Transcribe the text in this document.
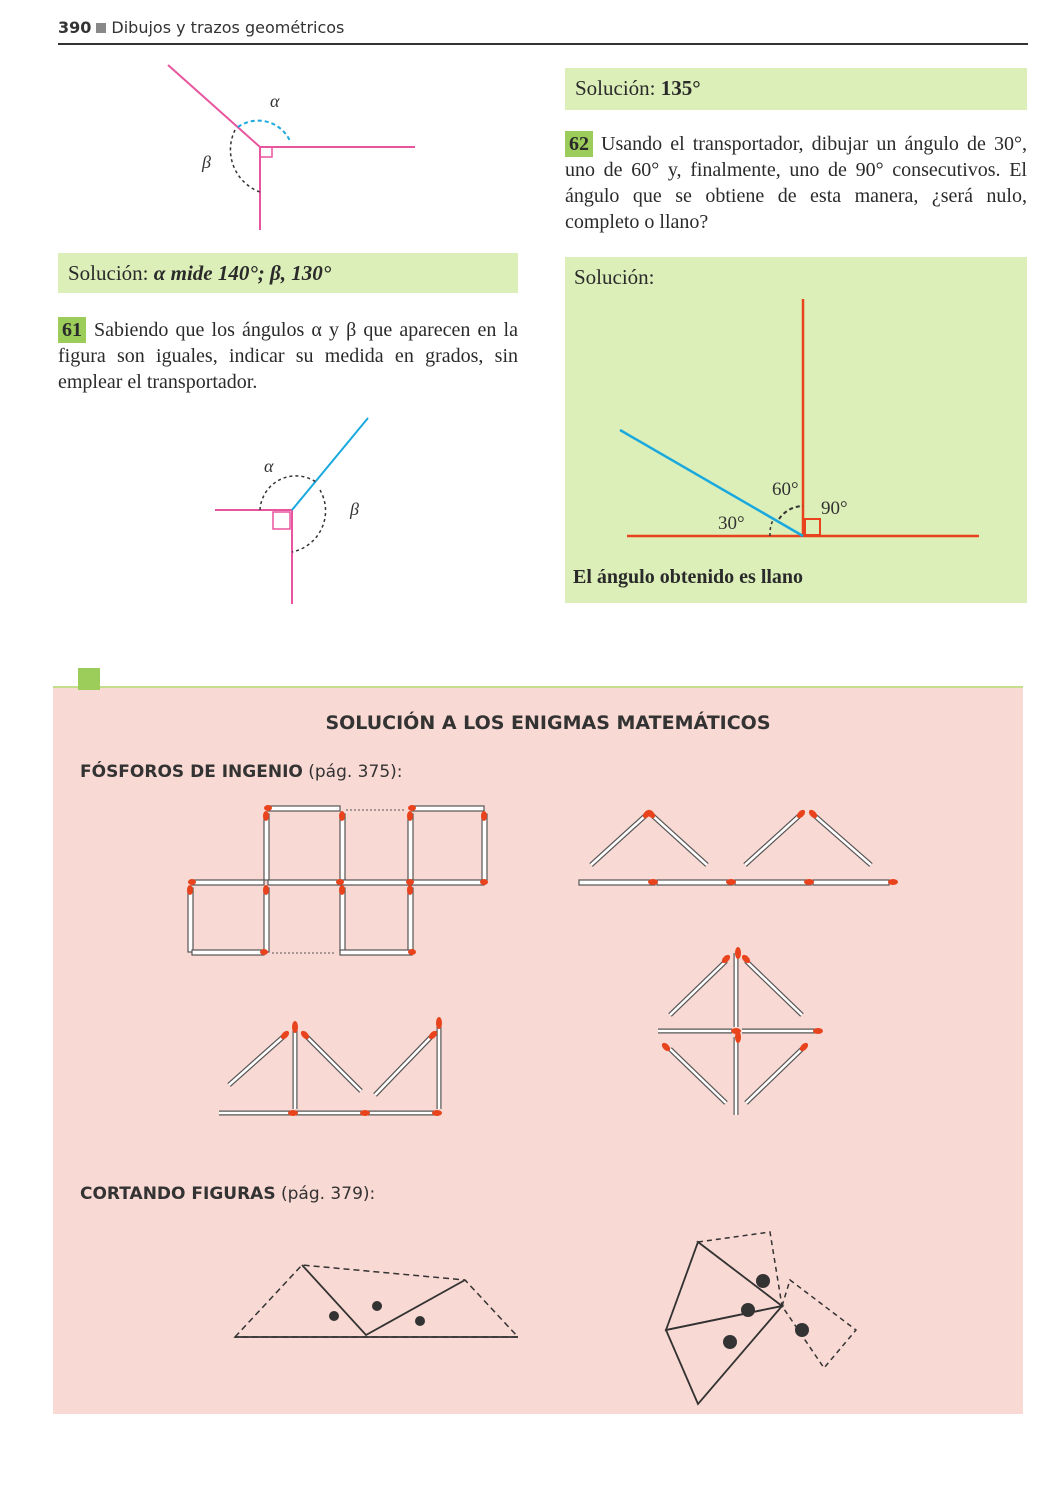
390 Dibujos y trazos geométricos
α
β
Solución: α mide 140°; β, 130°
61 Sabiendo que los ángulos α y β que aparecen en la figura son iguales, indicar su medida en grados, sin emplear el transportador.
α
β
Solución: 135°
62 Usando el transportador, dibujar un ángulo de 30°, uno de 60° y, finalmente, uno de 90° consecutivos. El ángulo que se obtiene de esta manera, ¿será nulo, completo o llano?
Solución:
30°
60°
90°
El ángulo obtenido es llano
SOLUCIÓN A LOS ENIGMAS MATEMÁTICOS
FÓSFOROS DE INGENIO (pág. 375):
CORTANDO FIGURAS (pág. 379):
